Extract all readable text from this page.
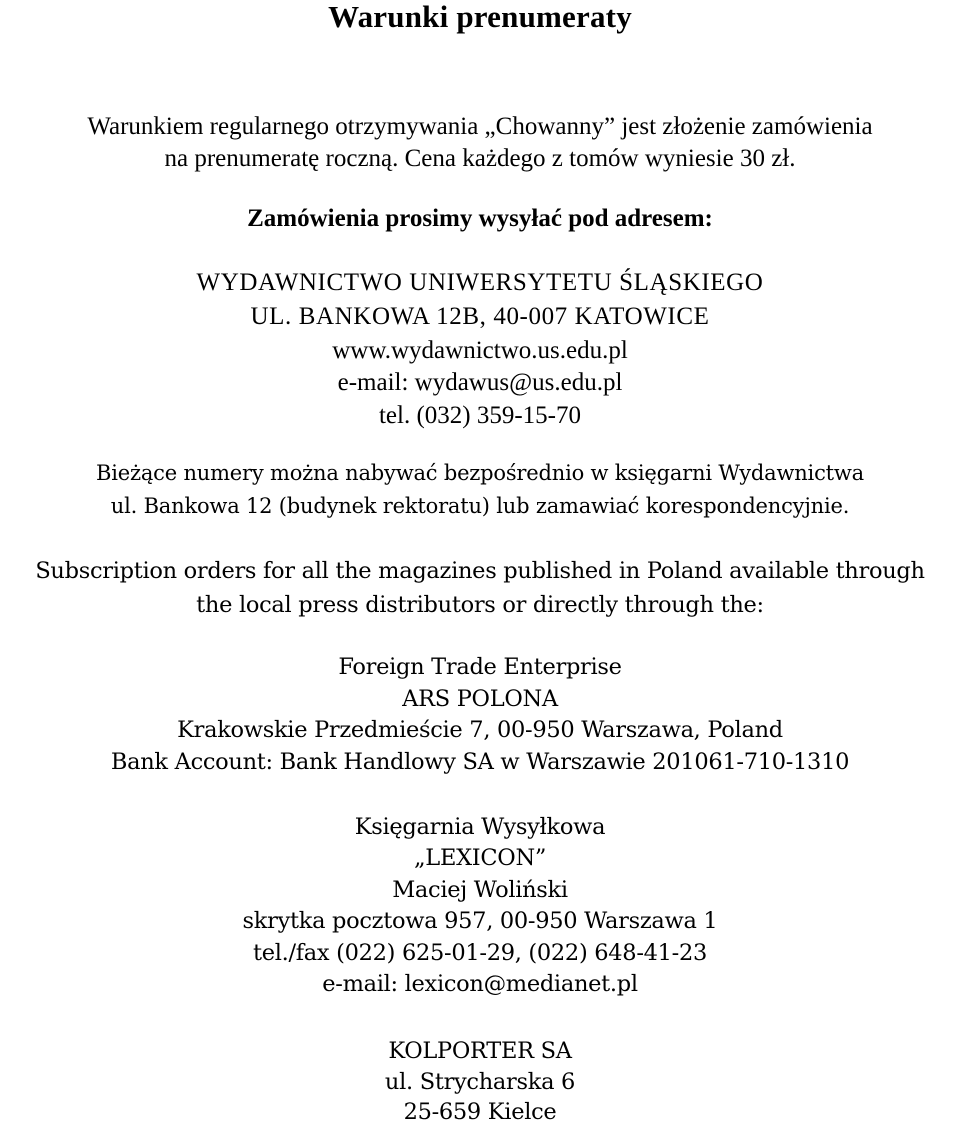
Warunki prenumeraty
Warunkiem regularnego otrzymywania „Chowanny” jest złożenie zamówienia
na prenumeratę roczną. Cena każdego z tomów wyniesie 30 zł.
Zamówienia prosimy wysyłać pod adresem:
WYDAWNICTWO UNIWERSYTETU ŚLĄSKIEGO
UL. BANKOWA 12B, 40-007 KATOWICE
www.wydawnictwo.us.edu.pl
e-mail: wydawus@us.edu.pl
tel. (032) 359-15-70
Bieżące numery można nabywać bezpośrednio w księgarni Wydawnictwa
ul. Bankowa 12 (budynek rektoratu) lub zamawiać korespondencyjnie.
Subscription orders for all the magazines published in Poland available through
the local press distributors or directly through the:
Foreign Trade Enterprise
ARS POLONA
Krakowskie Przedmieście 7, 00-950 Warszawa, Poland
Bank Account: Bank Handlowy SA w Warszawie 201061-710-1310
Księgarnia Wysyłkowa
„LEXICON”
Maciej Woliński
skrytka pocztowa 957, 00-950 Warszawa 1
tel./fax (022) 625-01-29, (022) 648-41-23
e-mail: lexicon@medianet.pl
KOLPORTER SA
ul. Strycharska 6
25-659 Kielce
